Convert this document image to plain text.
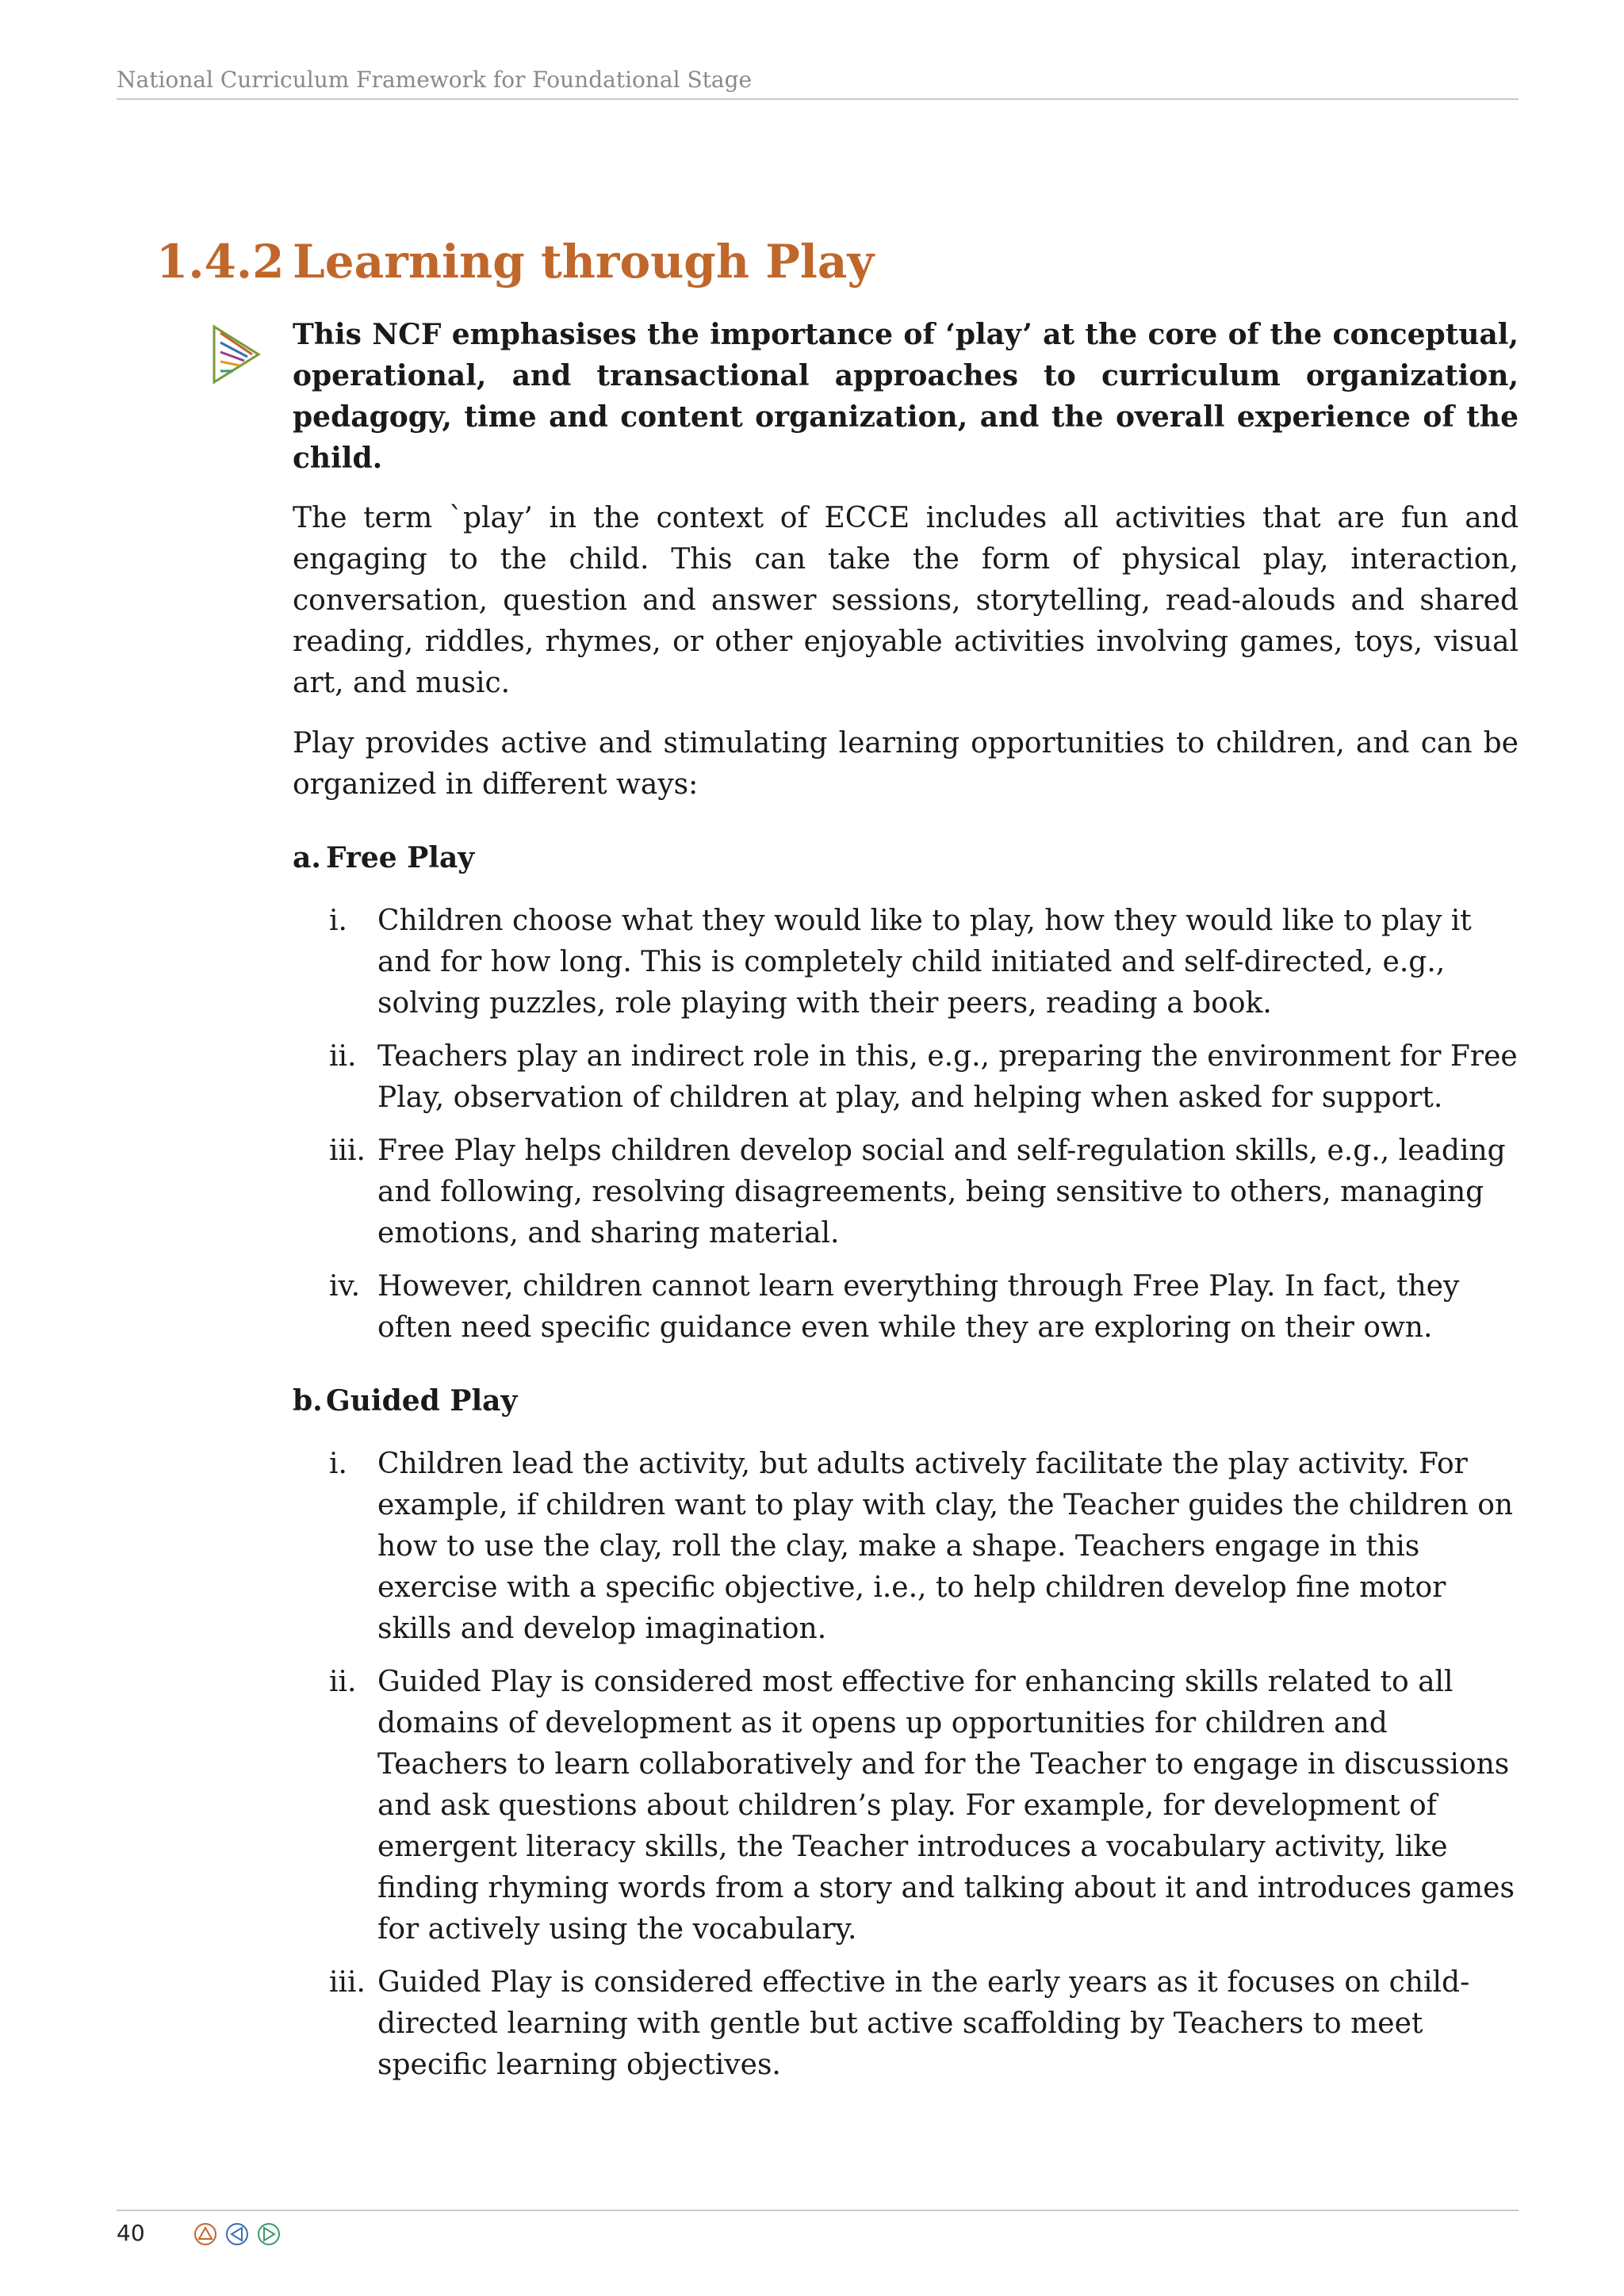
National Curriculum Framework for Foundational Stage
1.4.2 Learning through Play

This NCF emphasises the importance of ‘play’ at the core of the conceptual, operational, and transactional approaches to curriculum organization, pedagogy, time and content organization, and the overall experience of the child.

The term `play’ in the context of ECCE includes all activities that are fun and engaging to the child. This can take the form of physical play, interaction, conversation, question and answer sessions, storytelling, read-alouds and shared reading, riddles, rhymes, or other enjoyable activities involving games, toys, visual art, and music.

Play provides active and stimulating learning opportunities to children, and can be organized in different ways:

a. Free Play
i. Children choose what they would like to play, how they would like to play it and for how long. This is completely child initiated and self-directed, e.g., solving puzzles, role playing with their peers, reading a book.
ii. Teachers play an indirect role in this, e.g., preparing the environment for Free Play, observation of children at play, and helping when asked for support.
iii. Free Play helps children develop social and self-regulation skills, e.g., leading and following, resolving disagreements, being sensitive to others, managing emotions, and sharing material.
iv. However, children cannot learn everything through Free Play. In fact, they often need specific guidance even while they are exploring on their own.
b. Guided Play
i. Children lead the activity, but adults actively facilitate the play activity. For example, if children want to play with clay, the Teacher guides the children on how to use the clay, roll the clay, make a shape. Teachers engage in this exercise with a specific objective, i.e., to help children develop fine motor skills and develop imagination.
ii. Guided Play is considered most effective for enhancing skills related to all domains of development as it opens up opportunities for children and Teachers to learn collaboratively and for the Teacher to engage in discussions and ask questions about children’s play. For example, for development of emergent literacy skills, the Teacher introduces a vocabulary activity, like finding rhyming words from a story and talking about it and introduces games for actively using the vocabulary.
iii. Guided Play is considered effective in the early years as it focuses on child-directed learning with gentle but active scaffolding by Teachers to meet specific learning objectives.
40
